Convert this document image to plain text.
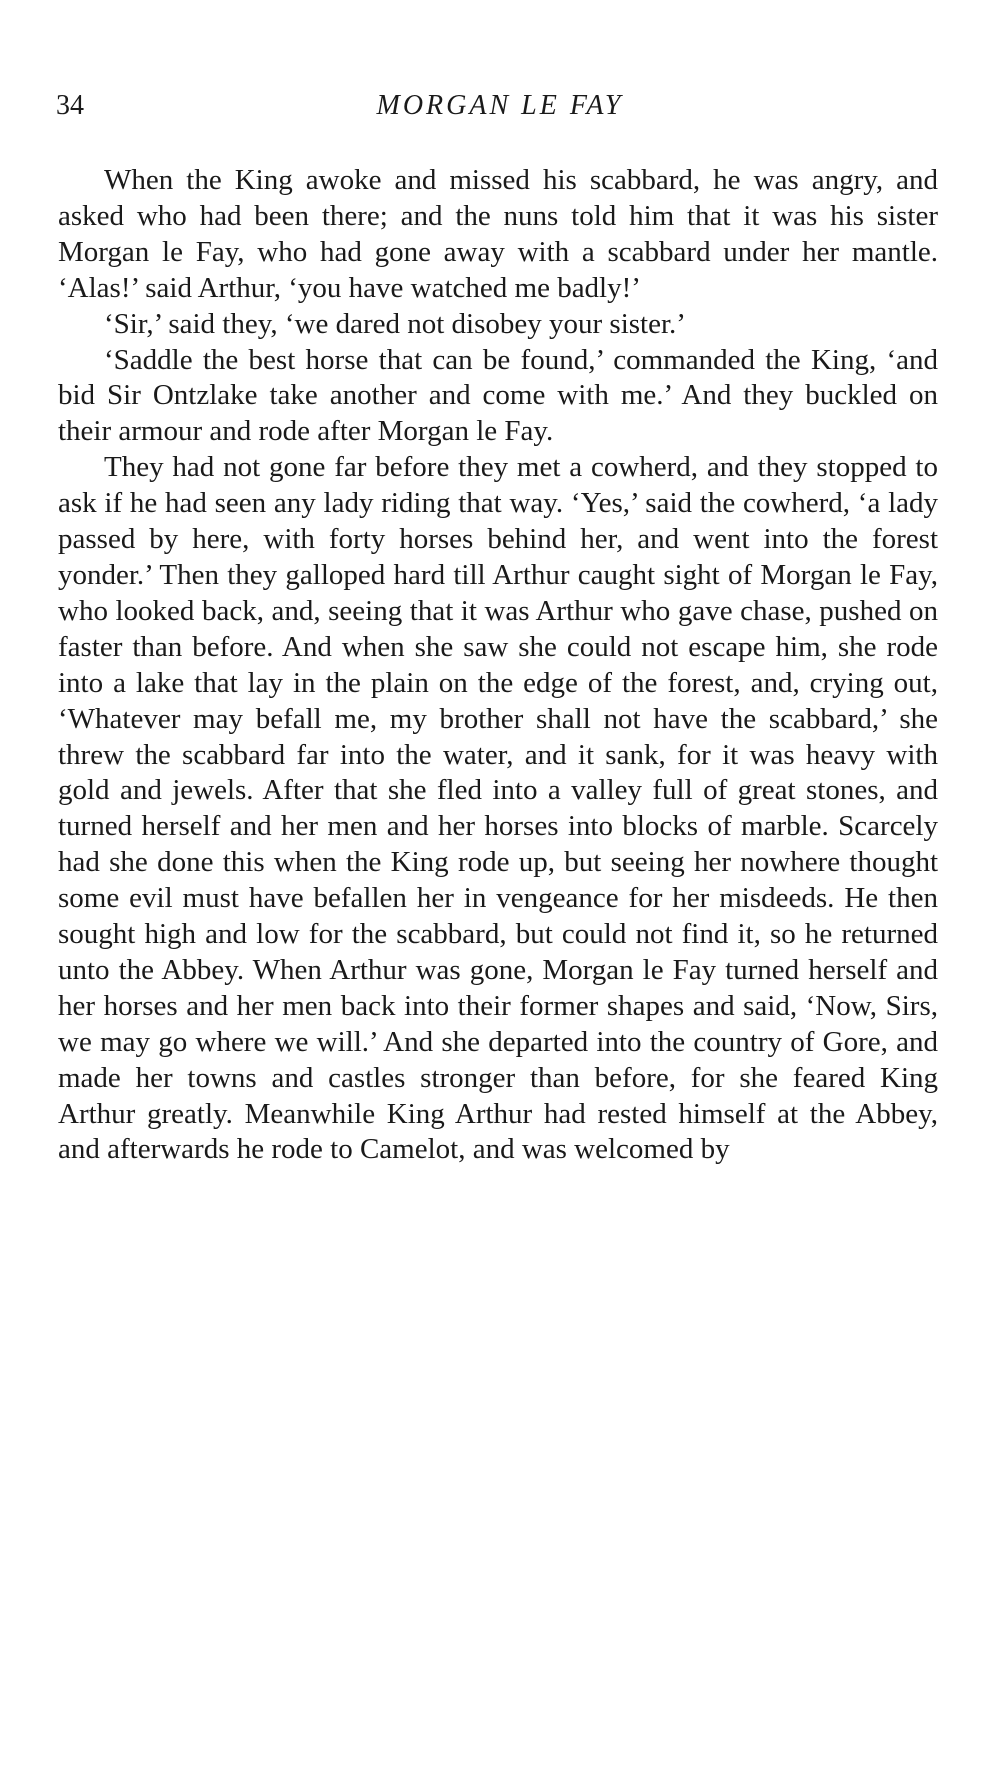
34	MORGAN LE FAY

When the King awoke and missed his scabbard, he was angry, and asked who had been there; and the nuns told him that it was his sister Morgan le Fay, who had gone away with a scabbard under her mantle. ‘Alas!’ said Arthur, ‘you have watched me badly!’

‘Sir,’ said they, ‘we dared not disobey your sister.’

‘Saddle the best horse that can be found,’ commanded the King, ‘and bid Sir Ontzlake take another and come with me.’ And they buckled on their armour and rode after Morgan le Fay.

They had not gone far before they met a cowherd, and they stopped to ask if he had seen any lady riding that way. ‘Yes,’ said the cowherd, ‘a lady passed by here, with forty horses behind her, and went into the forest yonder.’ Then they galloped hard till Arthur caught sight of Morgan le Fay, who looked back, and, seeing that it was Arthur who gave chase, pushed on faster than before. And when she saw she could not escape him, she rode into a lake that lay in the plain on the edge of the forest, and, crying out, ‘Whatever may befall me, my brother shall not have the scabbard,’ she threw the scabbard far into the water, and it sank, for it was heavy with gold and jewels. After that she fled into a valley full of great stones, and turned herself and her men and her horses into blocks of marble. Scarcely had she done this when the King rode up, but seeing her nowhere thought some evil must have befallen her in vengeance for her misdeeds. He then sought high and low for the scabbard, but could not find it, so he returned unto the Abbey. When Arthur was gone, Morgan le Fay turned herself and her horses and her men back into their former shapes and said, ‘Now, Sirs, we may go where we will.’ And she departed into the country of Gore, and made her towns and castles stronger than before, for she feared King Arthur greatly. Meanwhile King Arthur had rested himself at the Abbey, and afterwards he rode to Camelot, and was welcomed by
